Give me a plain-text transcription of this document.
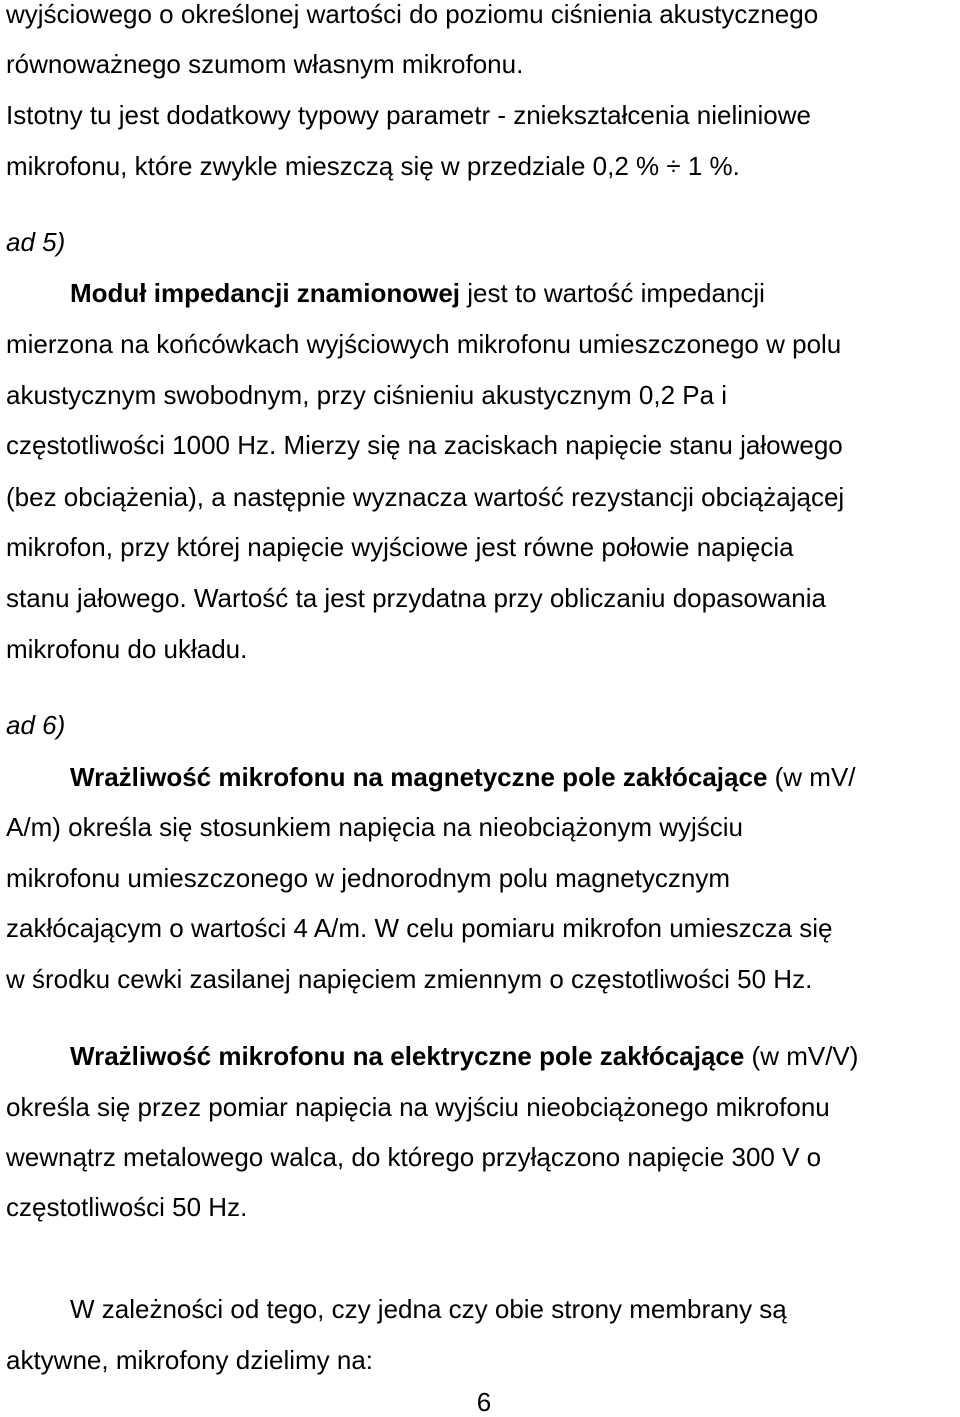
wyjściowego o określonej wartości do poziomu ciśnienia akustycznego

równoważnego szumom własnym mikrofonu.

Istotny tu jest dodatkowy typowy parametr - zniekształcenia nieliniowe

mikrofonu, które zwykle mieszczą się w przedziale 0,2 % ÷ 1 %.

ad 5)

Moduł impedancji znamionowej jest to wartość impedancji

mierzona na końcówkach wyjściowych mikrofonu umieszczonego w polu

akustycznym swobodnym, przy ciśnieniu akustycznym 0,2 Pa i

częstotliwości 1000 Hz. Mierzy się na zaciskach napięcie stanu jałowego

(bez obciążenia), a następnie wyznacza wartość rezystancji obciążającej

mikrofon, przy której napięcie wyjściowe jest równe połowie napięcia

stanu jałowego. Wartość ta jest przydatna przy obliczaniu dopasowania

mikrofonu do układu.

ad 6)

Wrażliwość mikrofonu na magnetyczne pole zakłócające (w mV/

A/m) określa się stosunkiem napięcia na nieobciążonym wyjściu

mikrofonu umieszczonego w jednorodnym polu magnetycznym

zakłócającym o wartości 4 A/m. W celu pomiaru mikrofon umieszcza się

w środku cewki zasilanej napięciem zmiennym o częstotliwości 50 Hz.

Wrażliwość mikrofonu na elektryczne pole zakłócające (w mV/V)

określa się przez pomiar napięcia na wyjściu nieobciążonego mikrofonu

wewnątrz metalowego walca, do którego przyłączono napięcie 300 V o

częstotliwości 50 Hz.

W zależności od tego, czy jedna czy obie strony membrany są

aktywne, mikrofony dzielimy na:

6
